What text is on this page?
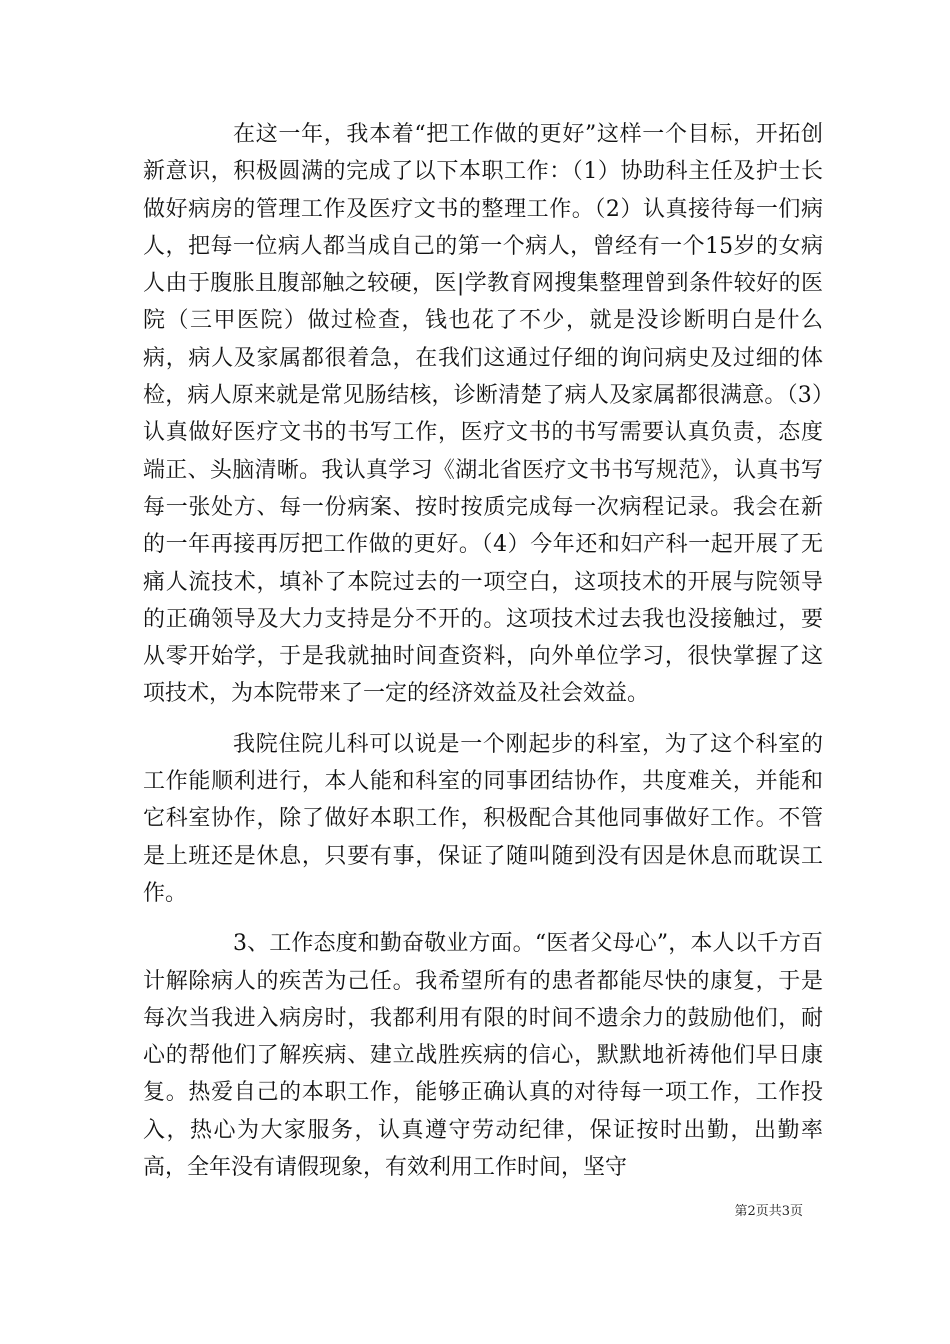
在这一年，我本着“把工作做的更好”这样一个目标，开拓创新意识，积极圆满的完成了以下本职工作：（1）协助科主任及护士长做好病房的管理工作及医疗文书的整理工作。（2）认真接待每一们病人，把每一位病人都当成自己的第一个病人，曾经有一个15岁的女病人由于腹胀且腹部触之较硬，医|学教育网搜集整理曾到条件较好的医院（三甲医院）做过检查，钱也花了不少，就是没诊断明白是什么病，病人及家属都很着急，在我们这通过仔细的询问病史及过细的体检，病人原来就是常见肠结核，诊断清楚了病人及家属都很满意。（3）认真做好医疗文书的书写工作，医疗文书的书写需要认真负责，态度端正、头脑清晰。我认真学习《湖北省医疗文书书写规范》，认真书写每一张处方、每一份病案、按时按质完成每一次病程记录。我会在新的一年再接再厉把工作做的更好。（4）今年还和妇产科一起开展了无痛人流技术，填补了本院过去的一项空白，这项技术的开展与院领导的正确领导及大力支持是分不开的。这项技术过去我也没接触过，要从零开始学，于是我就抽时间查资料，向外单位学习，很快掌握了这项技术，为本院带来了一定的经济效益及社会效益。

我院住院儿科可以说是一个刚起步的科室，为了这个科室的工作能顺利进行，本人能和科室的同事团结协作，共度难关，并能和它科室协作，除了做好本职工作，积极配合其他同事做好工作。不管是上班还是休息，只要有事，保证了随叫随到没有因是休息而耽误工作。

3、工作态度和勤奋敬业方面。“医者父母心”，本人以千方百计解除病人的疾苦为己任。我希望所有的患者都能尽快的康复，于是每次当我进入病房时，我都利用有限的时间不遗余力的鼓励他们，耐心的帮他们了解疾病、建立战胜疾病的信心，默默地祈祷他们早日康复。热爱自己的本职工作，能够正确认真的对待每一项工作，工作投入，热心为大家服务，认真遵守劳动纪律，保证按时出勤，出勤率高，全年没有请假现象，有效利用工作时间，坚守

第2页共3页
